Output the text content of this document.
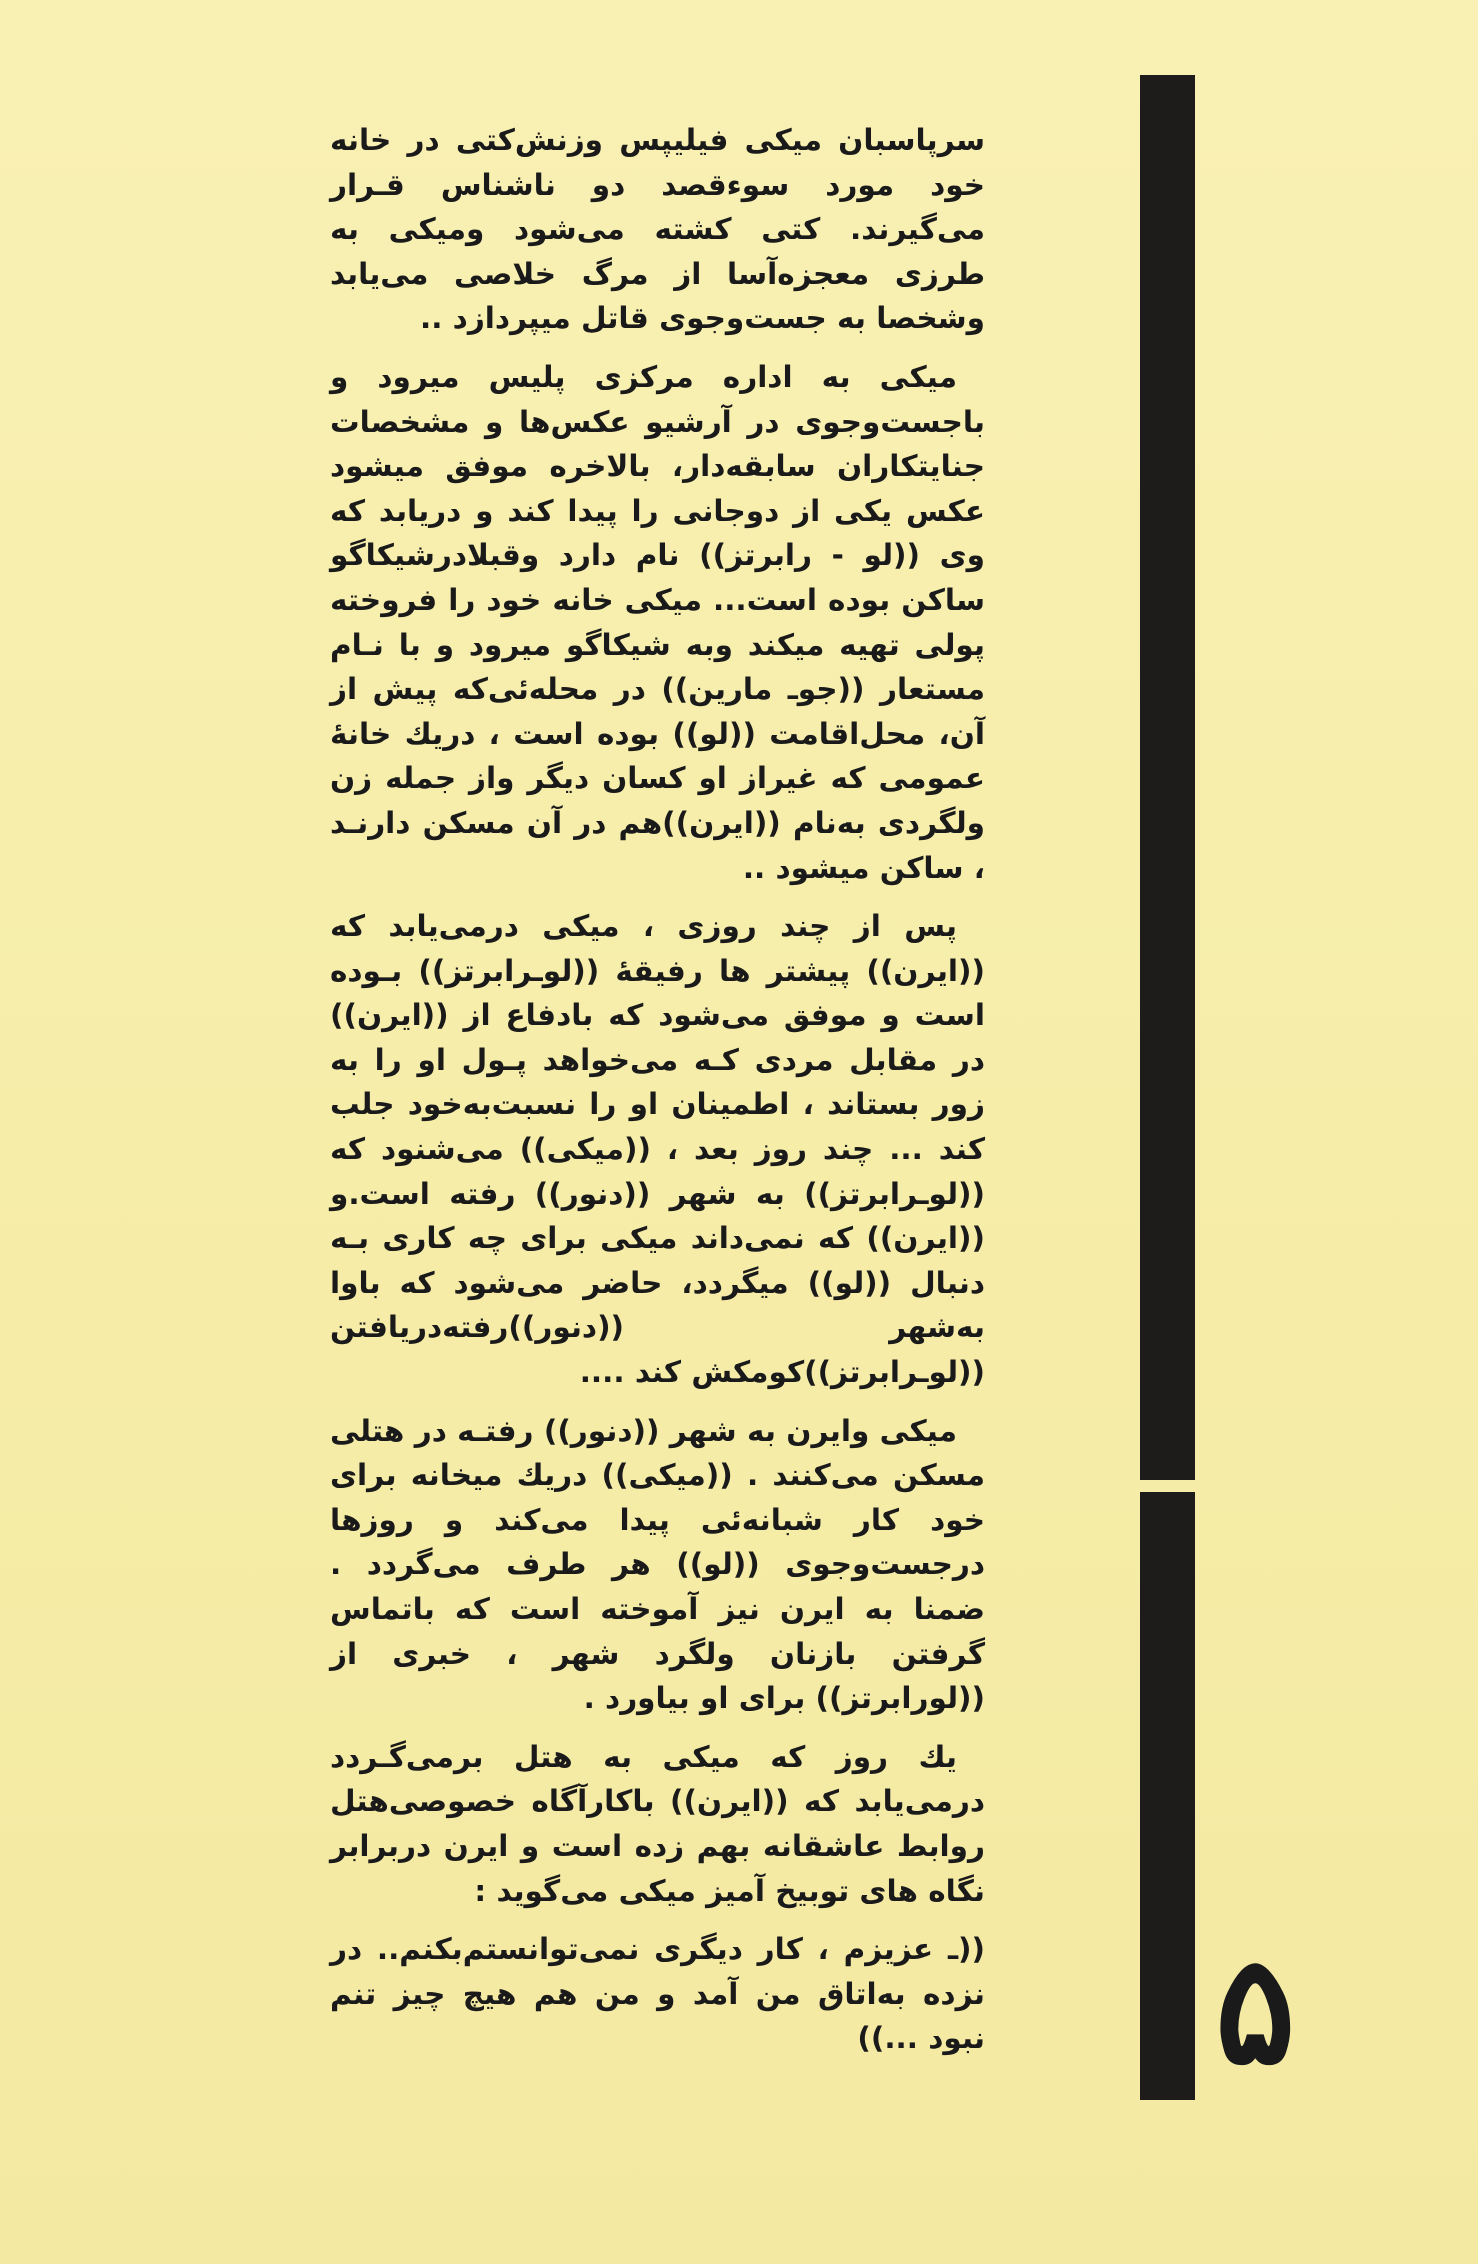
سرپاسبان میکی فیلیپس وزنش‌کتی در خانه خود مورد سوءقصد دو ناشناس قـرار می‌گیرند. کتی کشته می‌شود ومیکی به طرزی معجزه‌آسا از مرگ خلاصی می‌یابد وشخصا به جست‌وجوی قاتل میپردازد ..

میکی به اداره مرکزی پلیس میرود و باجست‌وجوی در آرشیو عکس‌ها و مشخصات جنایتکاران سابقه‌دار، بالاخره موفق میشود عکس یکی از دوجانی را پیدا کند و دریابد که وی ((لو - رابرتز)) نام دارد وقبلادرشیکاگو ساکن بوده است... میکی خانه خود را فروخته پولی تهیه میکند وبه شیکاگو میرود و با نـام مستعار ((جوـ مارین)) در محله‌ئی‌که پیش از آن، محل‌اقامت ((لو)) بوده است ، دریك خانۀ عمومی که غیراز او کسان دیگر واز جمله زن ولگردی به‌نام ((ایرن))هم در آن مسکن دارنـد ، ساکن میشود ..

پس از چند روزی ، میکی درمی‌یابد که ((ایرن)) پیشتر ها رفیقۀ ((لوـرابرتز)) بـوده است و موفق می‌شود که بادفاع از ((ایرن)) در مقابل مردی کـه می‌خواهد پـول او را به زور بستاند ، اطمینان او را نسبت‌به‌خود جلب کند ... چند روز بعد ، ((میکی)) می‌شنود که ((لوـرابرتز)) به شهر ((دنور)) رفته است.و ((ایرن)) که نمی‌داند میکی برای چه کاری بـه دنبال ((لو)) میگردد، حاضر می‌شود که باوا به‌شهر ((دنور))رفته‌دریافتن ((لوـرابرتز))کومکش کند ....

میکی وایرن به شهر ((دنور)) رفتـه در هتلی مسکن می‌کنند . ((میکی)) دریك میخانه برای خود کار شبانه‌ئی پیدا می‌کند و روزها درجست‌وجوی ((لو)) هر طرف می‌گردد . ضمنا به ایرن نیز آموخته است که باتماس گرفتن بازنان ولگرد شهر ، خبری از ((لورابرتز)) برای او بیاورد .

یك روز که میکی به هتل برمی‌گـردد درمی‌یابد که ((ایرن)) باکارآگاه خصوصی‌هتل روابط عاشقانه بهم زده است و ایرن دربرابر نگاه های توبیخ آمیز میکی می‌گوید :

((ـ عزیزم ، کار دیگری نمی‌توانستم‌بکنم.. در نزده به‌اتاق من آمد و من هم هیچ چیز تنم نبود ...)) ۵
